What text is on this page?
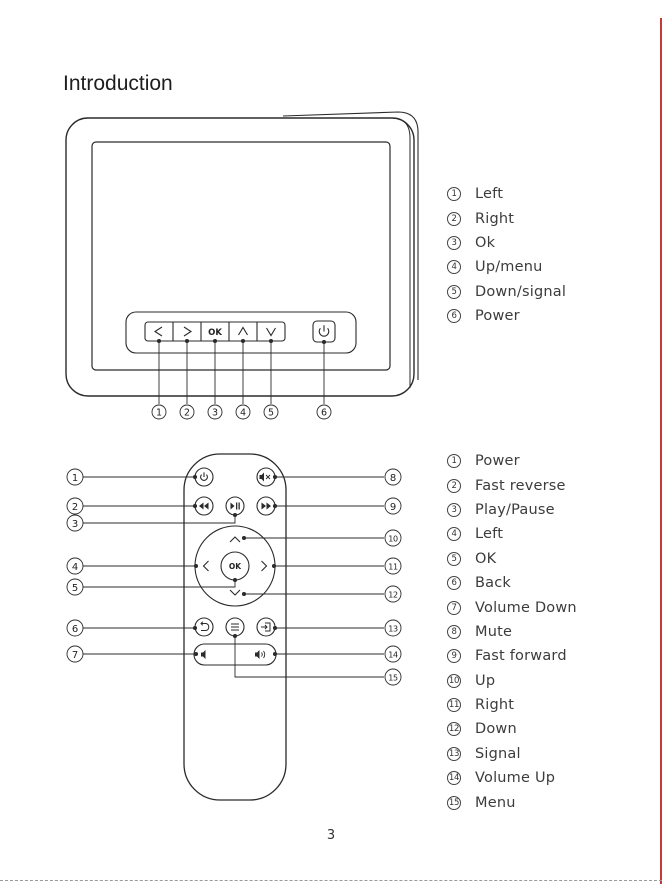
Introduction
OK
1 2 3 4 5	6
OK
1
2
3
4
5
6
7
8
9
10
11
12
13
14
15
1	Left
2	Right
3	Ok
4	Up/menu
5	Down/signal
6	Power
1	Power
2	Fast reverse
3	Play/Pause
4	Left
5	OK
6	Back
7	Volume Down
8	Mute
9	Fast forward
10 Up
11 Right
12 Down
13 Signal
14 Volume Up
15 Menu
3
